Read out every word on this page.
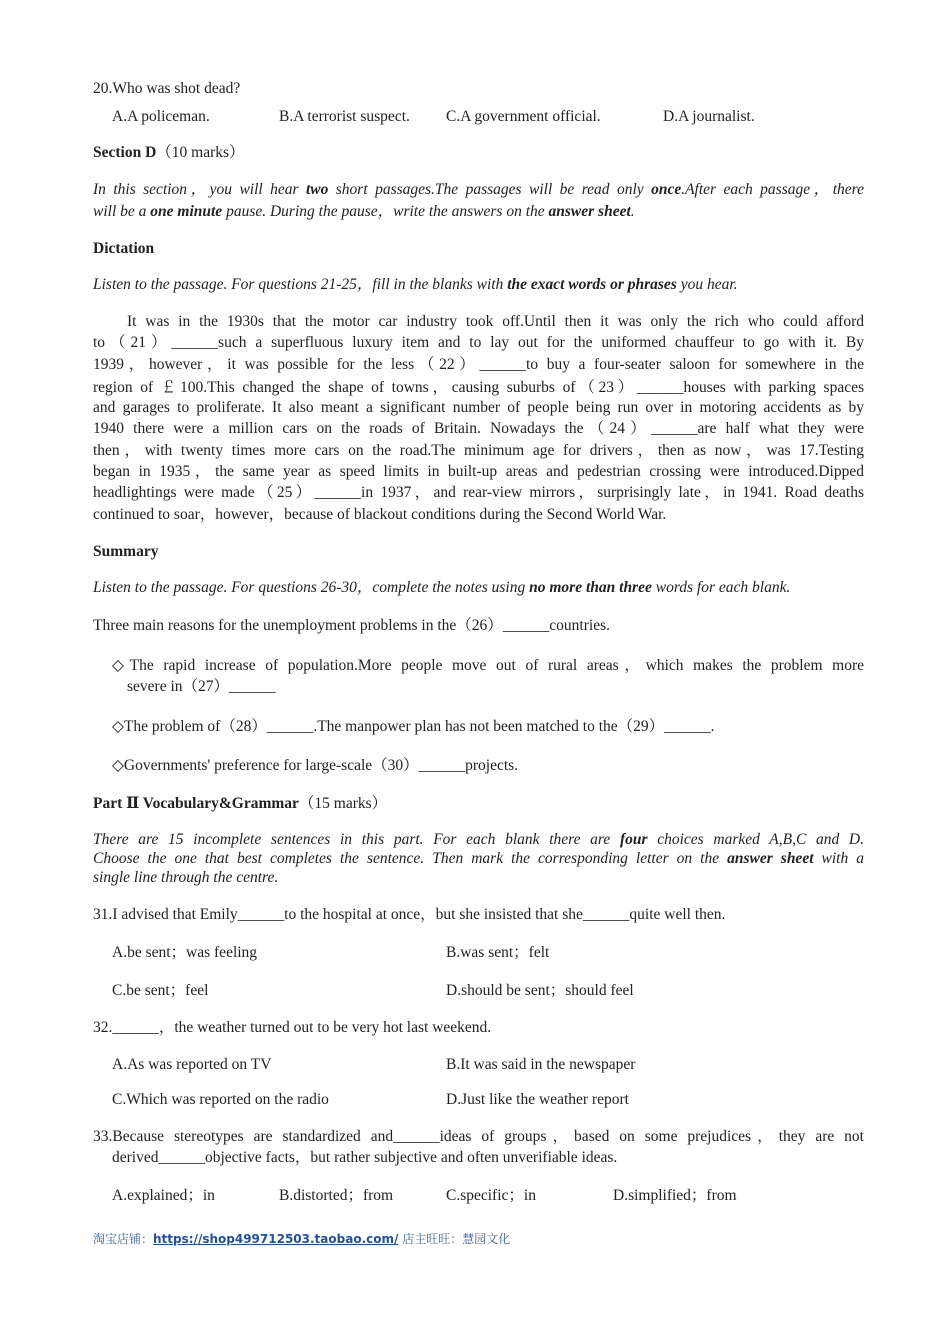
20.Who was shot dead?
A.A policeman.	B.A terrorist suspect. C.A government official.	D.A journalist.
Section D（10 marks）
In this section，you will hear two short passages.The passages will be read only once.After each passage，there
will be a one minute pause. During the pause，write the answers on the answer sheet.
Dictation
Listen to the passage. For questions 21-25，fill in the blanks with the exact words or phrases you hear.
It was in the 1930s that the motor car industry took off.Until then it was only the rich who could afford
to（21）______such a superfluous luxury item and to lay out for the uniformed chauffeur to go with it. By
1939，however，it was possible for the less（22）______to buy a four-seater saloon for somewhere in the
region of ￡100.This changed the shape of towns，causing suburbs of（23）______houses with parking spaces
and garages to proliferate. It also meant a significant number of people being run over in motoring accidents as by
1940 there were a million cars on the roads of Britain. Nowadays the（24）______are half what they were
then，with twenty times more cars on the road.The minimum age for drivers，then as now，was 17.Testing
began in 1935，the same year as speed limits in built-up areas and pedestrian crossing were introduced.Dipped
headlightings were made（25）______in 1937，and rear-view mirrors，surprisingly late，in 1941. Road deaths
continued to soar，however，because of blackout conditions during the Second World War.
Summary
Listen to the passage. For questions 26-30，complete the notes using no more than three words for each blank.
Three main reasons for the unemployment problems in the（26）______countries.
◇The rapid increase of population.More people move out of rural areas，which makes the problem more
severe in（27）______
◇The problem of（28）______.The manpower plan has not been matched to the（29）______.
◇Governments' preference for large-scale（30）______projects.
Part Ⅱ Vocabulary&Grammar（15 marks）
There are 15 incomplete sentences in this part. For each blank there are four choices marked A,B,C and D.
Choose the one that best completes the sentence. Then mark the corresponding letter on the answer sheet with a
single line through the centre.
31.I advised that Emily______to the hospital at once，but she insisted that she______quite well then.
A.be sent；was feeling	B.was sent；felt
C.be sent；feel	D.should be sent；should feel
32.______，the weather turned out to be very hot last weekend.
A.As was reported on TV	B.It was said in the newspaper
C.Which was reported on the radio	D.Just like the weather report
33.Because stereotypes are standardized and______ideas of groups，based on some prejudices，they are not
derived______objective facts，but rather subjective and often unverifiable ideas.
A.explained；in	B.distorted；from	C.specific；in	D.simplified；from
淘宝店铺：https://shop499712503.taobao.com/ 店主旺旺：慧园文化
